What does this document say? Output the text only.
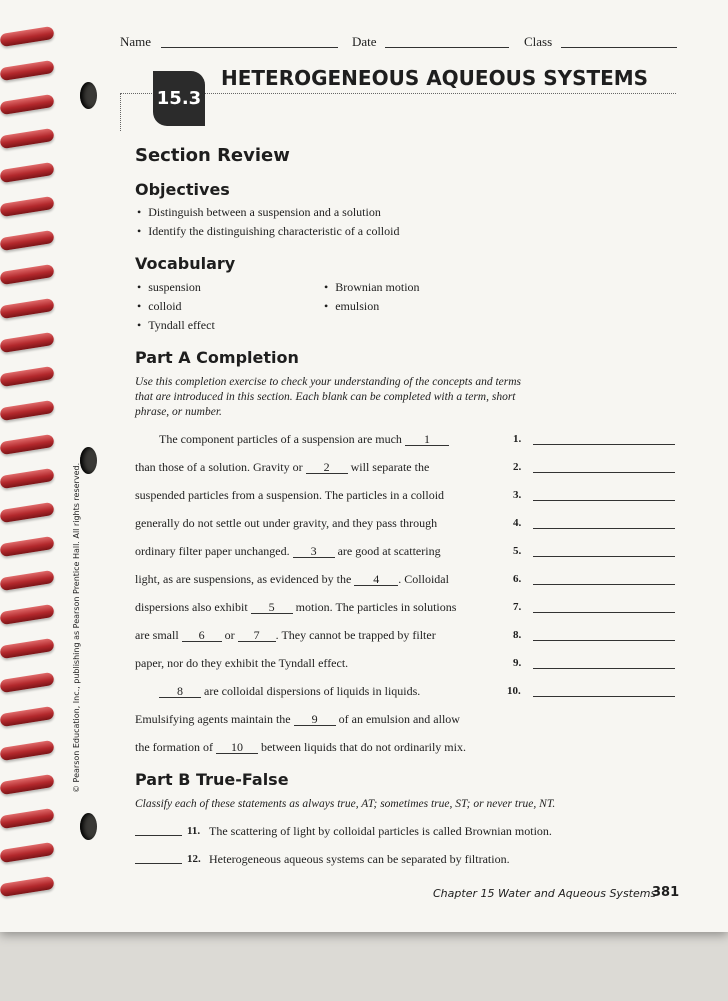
Name	Date	Class
15.3
HETEROGENEOUS AQUEOUS SYSTEMS
Section Review
Objectives
• Distinguish between a suspension and a solution
• Identify the distinguishing characteristic of a colloid
Vocabulary
• suspension
• colloid
• Tyndall effect
• Brownian motion
• emulsion
Part A Completion
Use this completion exercise to check your understanding of the concepts and terms
that are introduced in this section. Each blank can be completed with a term, short
phrase, or number.
The component particles of a suspension are much 1
than those of a solution. Gravity or 2 will separate the
suspended particles from a suspension. The particles in a colloid
generally do not settle out under gravity, and they pass through
ordinary filter paper unchanged. 3 are good at scattering
light, as are suspensions, as evidenced by the 4 . Colloidal
dispersions also exhibit 5 motion. The particles in solutions
are small 6 or 7 . They cannot be trapped by filter
paper, nor do they exhibit the Tyndall effect.
8 are colloidal dispersions of liquids in liquids.
Emulsifying agents maintain the 9 of an emulsion and allow
the formation of 10 between liquids that do not ordinarily mix.
1.
2.
3.
4.
5.
6.
7.
8.
9.
10.
Part B True-False
Classify each of these statements as always true, AT; sometimes true, ST; or never true, NT.
11. The scattering of light by colloidal particles is called Brownian motion.
12. Heterogeneous aqueous systems can be separated by filtration.
Chapter 15 Water and Aqueous Systems
381
© Pearson Education, Inc., publishing as Pearson Prentice Hall. All rights reserved.
